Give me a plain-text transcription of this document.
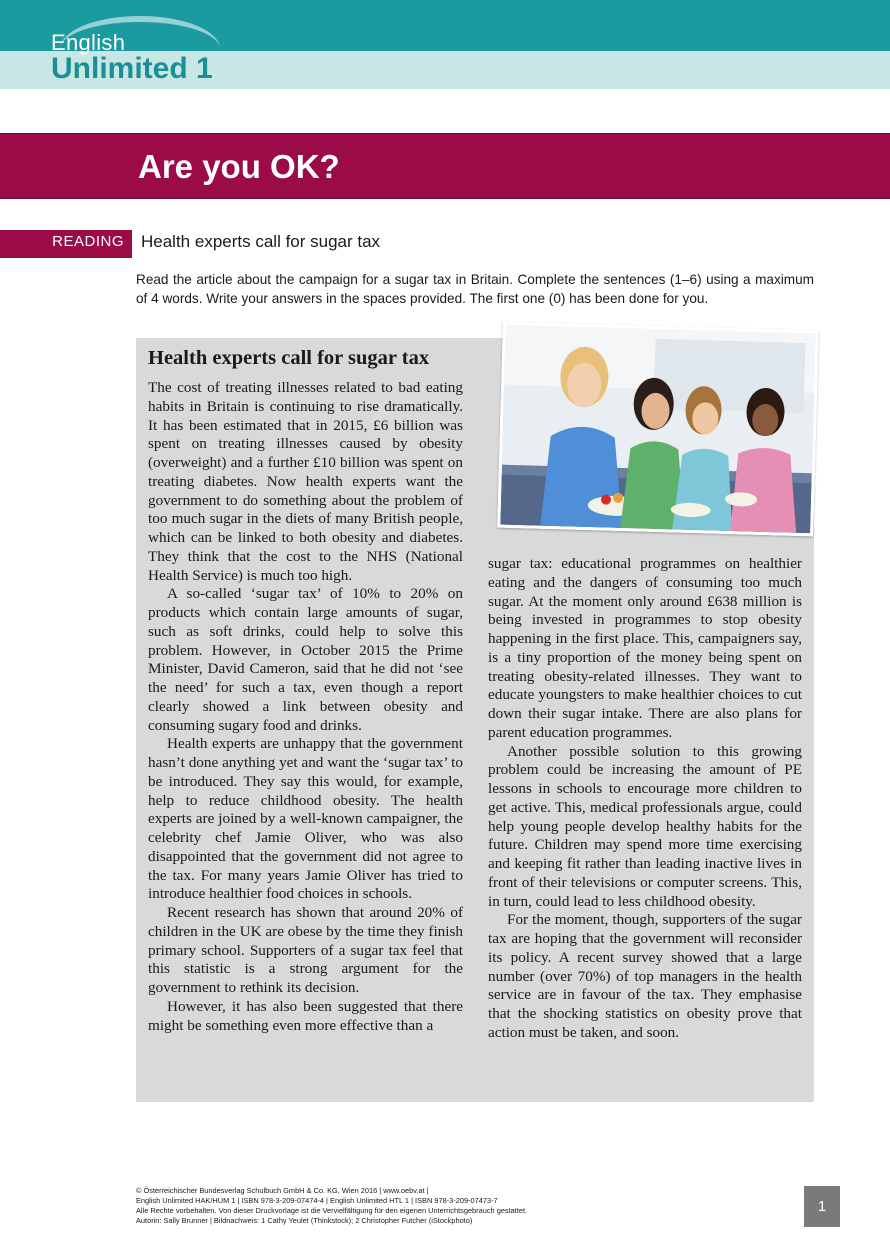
English
Unlimited 1
Are you OK?
READING Health experts call for sugar tax
Read the article about the campaign for a sugar tax in Britain. Complete the sentences (1–6) using a maximum of 4 words. Write your answers in the spaces provided. The first one (0) has been done for you.
Health experts call for sugar tax

The cost of treating illnesses related to bad eating habits in Britain is continuing to rise dramatically. It has been estimated that in 2015, £6 billion was spent on treating illnesses caused by obesity (overweight) and a further £10 billion was spent on treating diabetes. Now health experts want the government to do something about the problem of too much sugar in the diets of many British people, which can be linked to both obesity and diabetes. They think that the cost to the NHS (National Health Service) is much too high.

A so-called ‘sugar tax’ of 10% to 20% on products which contain large amounts of sugar, such as soft drinks, could help to solve this problem. However, in October 2015 the Prime Minister, David Cameron, said that he did not ‘see the need’ for such a tax, even though a report clearly showed a link between obesity and consuming sugary food and drinks.

Health experts are unhappy that the government hasn’t done anything yet and want the ‘sugar tax’ to be introduced. They say this would, for example, help to reduce childhood obesity. The health experts are joined by a well-known campaigner, the celebrity chef Jamie Oliver, who was also disappointed that the government did not agree to the tax. For many years Jamie Oliver has tried to introduce healthier food choices in schools.

Recent research has shown that around 20% of children in the UK are obese by the time they finish primary school. Supporters of a sugar tax feel that this statistic is a strong argument for the government to rethink its decision.

However, it has also been suggested that there might be something even more effective than a

sugar tax: educational programmes on healthier eating and the dangers of consuming too much sugar. At the moment only around £638 million is being invested in programmes to stop obesity happening in the first place. This, campaigners say, is a tiny proportion of the money being spent on treating obesity-related illnesses. They want to educate youngsters to make healthier choices to cut down their sugar intake. There are also plans for parent education programmes.

Another possible solution to this growing problem could be increasing the amount of PE lessons in schools to encourage more children to get active. This, medical professionals argue, could help young people develop healthy habits for the future. Children may spend more time exercising and keeping fit rather than leading inactive lives in front of their televisions or computer screens. This, in turn, could lead to less childhood obesity.

For the moment, though, supporters of the sugar tax are hoping that the government will reconsider its policy. A recent survey showed that a large number (over 70%) of top managers in the health service are in favour of the tax. They emphasise that the shocking statistics on obesity prove that action must be taken, and soon.

© Österreichischer Bundesverlag Schulbuch GmbH & Co. KG, Wien 2016 | www.oebv.at |
English Unlimited HAK/HUM 1 | ISBN 978-3-209-07474-4 | English Unlimited HTL 1 | ISBN 978-3-209-07473-7
Alle Rechte vorbehalten. Von dieser Druckvorlage ist die Vervielfältigung für den eigenen Unterrichtsgebrauch gestattet.
Autorin: Sally Brunner | Bildnachweis: 1 Cathy Yeulet (Thinkstock); 2 Christopher Futcher (iStockphoto)
1
